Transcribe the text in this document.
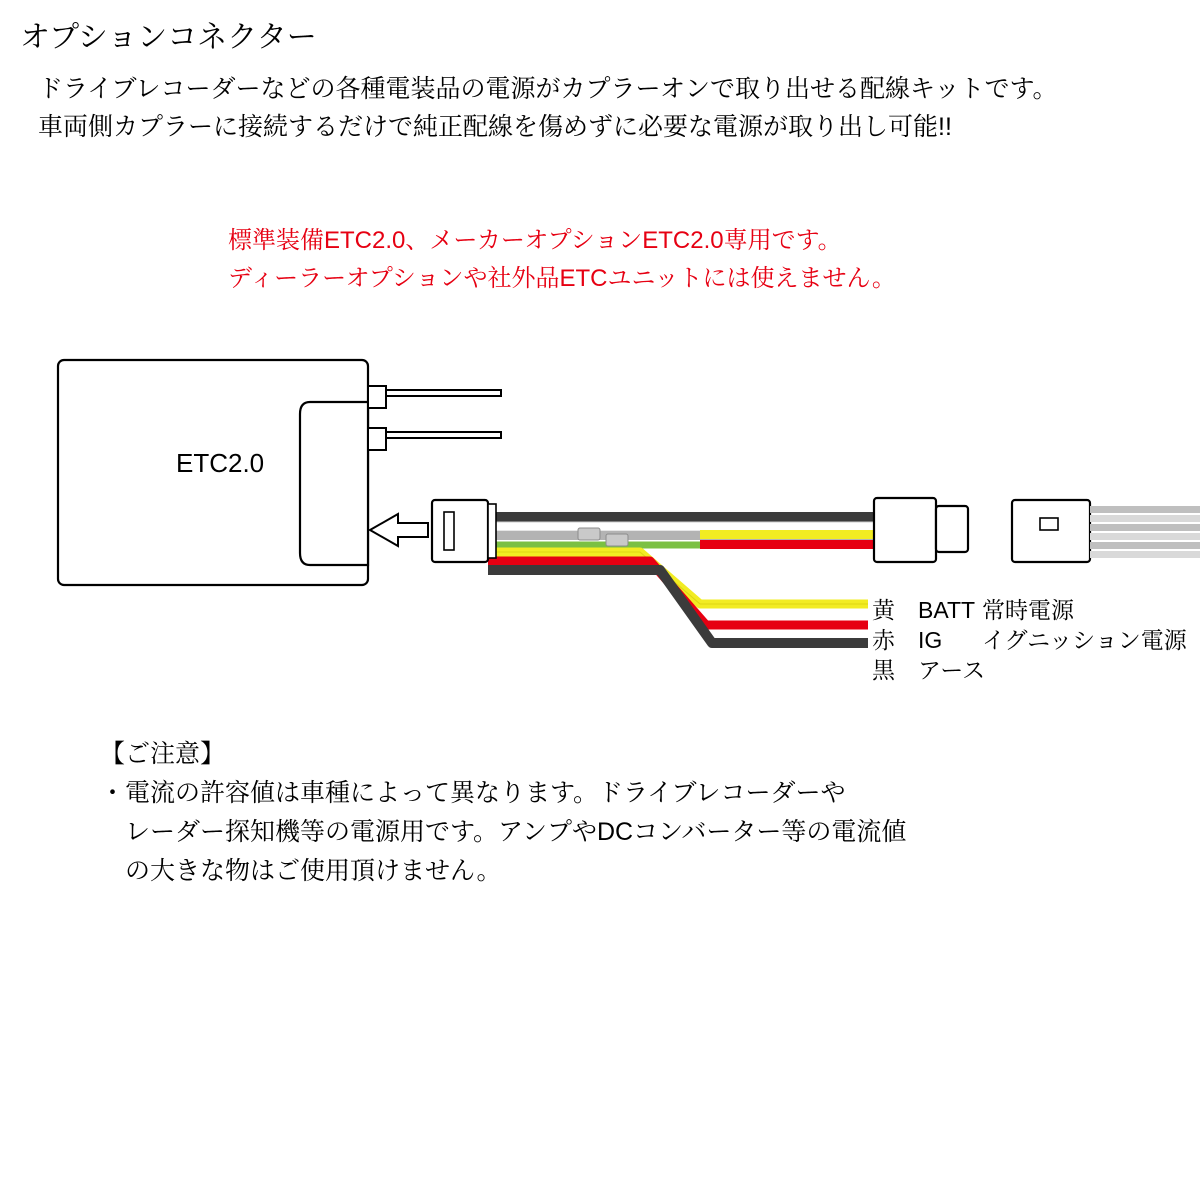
オプションコネクター
ドライブレコーダーなどの各種電装品の電源がカプラーオンで取り出せる配線キットです。
車両側カプラーに接続するだけで純正配線を傷めずに必要な電源が取り出し可能!!
標準装備ETC2.0、メーカーオプションETC2.0専用です。
ディーラーオプションや社外品ETCユニットには使えません。
ETC2.0
黄 BATT 常時電源
赤 IG イグニッション電源
黒 アース
【ご注意】
・電流の許容値は車種によって異なります。ドライブレコーダーや
　レーダー探知機等の電源用です。アンプやDCコンバーター等の電流値
　の大きな物はご使用頂けません。
